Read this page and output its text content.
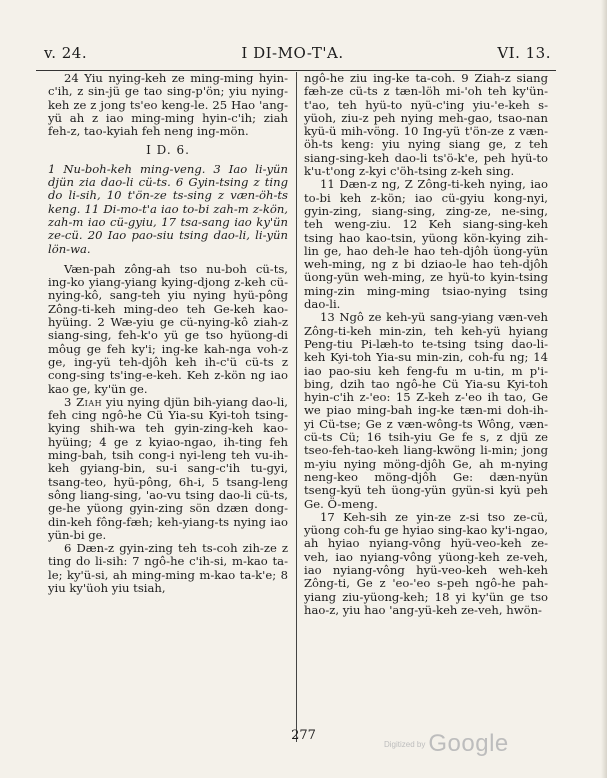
v. 24.	I DI-MO-T'A.	VI. 13.

24 Yiu nying-keh ze ming-ming hyin-c'ih, z sin-jü ge tao sing-p'ön; yiu nying-keh ze z jong ts'eo keng-le. 25 Hao 'ang-yü ah z iao ming-ming hyin-c'ih; ziah feh-z, tao-kyiah feh neng ing-mön.

I D. 6.

1 Nu-boh-keh ming-veng. 3 Iao li-yün djün zia dao-li cü-ts. 6 Gyin-tsing z ting do li-sih, 10 t'ön-ze ts-sing z væn-öh-ts keng. 11 Di-mo-t'a iao to-bi zah-m z-kön, zah-m iao cü-gyiu, 17 tsa-sang iao ky'ün ze-cü. 20 Iao pao-siu tsing dao-li, li-yün lön-wa.

Væn-pah zông-ah tso nu-boh cü-ts, ing-ko yiang-yiang kying-djong z-keh cü-nying-kô, sang-teh yiu nying hyü-pông Zông-ti-keh ming-deo teh Ge-keh kao-hyüing. 2 Wæ-yiu ge cü-nying-kô ziah-z siang-sing, feh-k'o yü ge tso hyüong-di môug ge feh ky'i; ing-ke kah-nga voh-z ge, ing-yü teh-djôh keh ih-c'ü cü-ts z cong-sing ts'ing-e-keh. Keh z-kön ng iao kao ge, ky'ün ge.

3 Ziah yiu nying djün bih-yiang dao-li, feh cing ngô-he Cü Yia-su Kyi-toh tsing-kying shih-wa teh gyin-zing-keh kao-hyüing; 4 ge z kyiao-ngao, ih-ting feh ming-bah, tsih cong-i nyi-leng teh vu-ih-keh gyiang-bin, su-i sang-c'ih tu-gyi, tsang-teo, hyü-pông, 6h-i, 5 tsang-leng sông liang-sing, 'ao-vu tsing dao-li cü-ts, ge-he yüong gyin-zing sön dzæn dong-din-keh fông-fæh; keh-yiang-ts nying iao yün-bi ge.

6 Dæn-z gyin-zing teh ts-coh zih-ze z ting do li-sih: 7 ngô-he c'ih-si, m-kao ta-le; ky'ü-si, ah ming-ming m-kao ta-k'e; 8 yiu ky'üoh yiu tsiah,

ngô-he ziu ing-ke ta-coh. 9 Ziah-z siang fæh-ze cü-ts z tæn-löh mi-'oh teh ky'ün-t'ao, teh hyü-to nyü-c'ing yiu-'e-keh s-yüoh, ziu-z peh nying meh-gao, tsao-nan kyü-ü mih-vöng. 10 Ing-yü t'ön-ze z væn-öh-ts keng: yiu nying siang ge, z teh siang-sing-keh dao-li ts'ö-k'e, peh hyü-to k'u-t'ong z-kyi c'öh-tsing z-keh sing.

11 Dæn-z ng, Z Zông-ti-keh nying, iao to-bi keh z-kön; iao cü-gyiu kong-nyi, gyin-zing, siang-sing, zing-ze, ne-sing, teh weng-ziu. 12 Keh siang-sing-keh tsing hao kao-tsin, yüong kön-kying zih-lin ge, hao deh-le hao teh-djôh üong-yün weh-ming, ng z bi dziao-le hao teh-djôh üong-yün weh-ming, ze hyü-to kyin-tsing ming-zin ming-ming tsiao-nying tsing dao-li.

13 Ngô ze keh-yü sang-yiang væn-veh Zông-ti-keh min-zin, teh keh-yü hyiang Peng-tiu Pi-læh-to te-tsing tsing dao-li-keh Kyi-toh Yia-su min-zin, coh-fu ng; 14 iao pao-siu keh feng-fu m u-tin, m p'i-bing, dzih tao ngô-he Cü Yia-su Kyi-toh hyin-c'ih z-'eo: 15 Z-keh z-'eo ih tao, Ge we piao ming-bah ing-ke tæn-mi doh-ih-yi Cü-tse; Ge z væn-wông-ts Wông, væn-cü-ts Cü; 16 tsih-yiu Ge fe s, z djü ze tseo-feh-tao-keh liang-kwöng li-min; jong m-yiu nying möng-djôh Ge, ah m-nying neng-keo möng-djôh Ge: dæn-nyün tseng-kyü teh üong-yün gyün-si kyü peh Ge. Ö-meng.

17 Keh-sih ze yin-ze z-si tso ze-cü, yüong coh-fu ge hyiao sing-kao ky'i-ngao, ah hyiao nyiang-vông hyü-veo-keh ze-veh, iao nyiang-vông yüong-keh ze-veh, iao nyiang-vông hyü-veo-keh weh-keh Zông-ti, Ge z 'eo-'eo s-peh ngô-he pah-yiang ziu-yüong-keh; 18 yi ky'ün ge tso hao-z, yiu hao 'ang-yü-keh ze-veh, hwön-

277
Digitized by Google
